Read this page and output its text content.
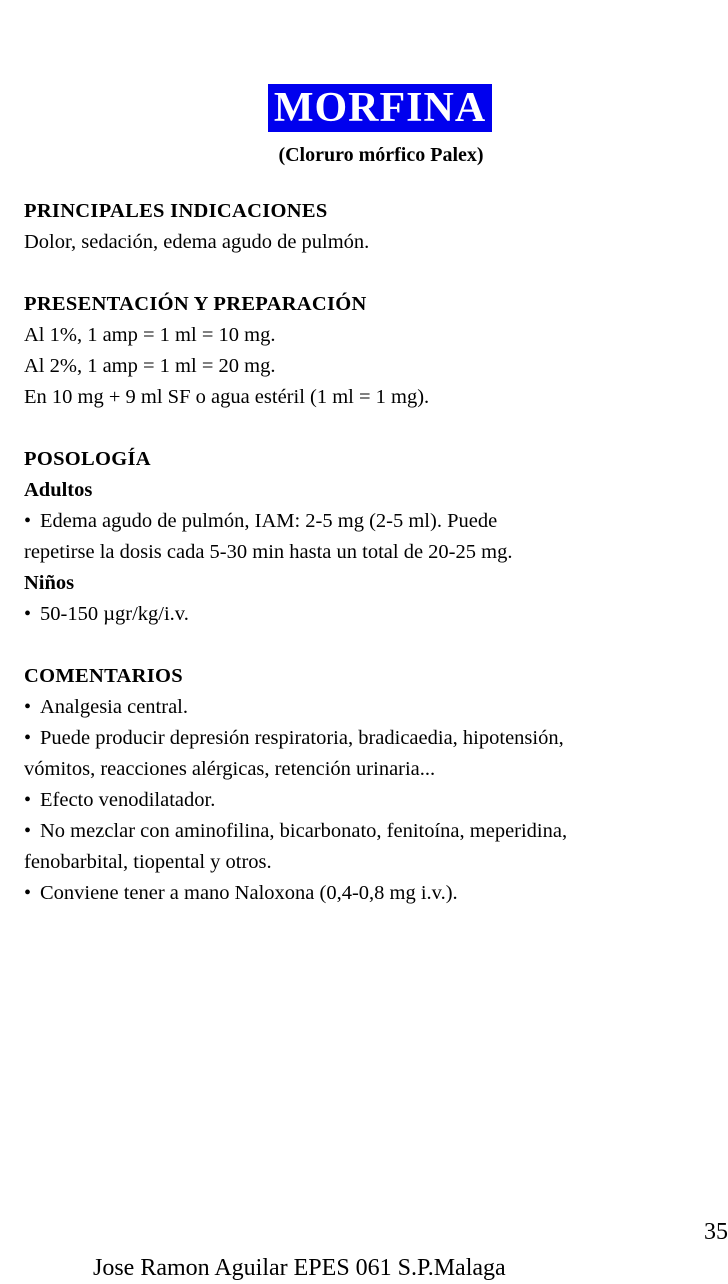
MORFINA
(Cloruro mórfico Palex)
PRINCIPALES INDICACIONES
Dolor, sedación, edema agudo de pulmón.
PRESENTACIÓN Y PREPARACIÓN
Al 1%, 1 amp = 1 ml = 10 mg.
Al 2%, 1 amp = 1 ml = 20 mg.
En 10 mg + 9 ml SF o agua estéril (1 ml = 1 mg).
POSOLOGÍA
Adultos
• Edema agudo de pulmón, IAM: 2-5 mg (2-5 ml). Puede
repetirse la dosis cada 5-30 min hasta un total de 20-25 mg.
Niños
• 50-150 µgr/kg/i.v.
COMENTARIOS
• Analgesia central.
• Puede producir depresión respiratoria, bradicaedia, hipotensión,
vómitos, reacciones alérgicas, retención urinaria...
• Efecto venodilatador.
• No mezclar con aminofilina, bicarbonato, fenitoína, meperidina,
fenobarbital, tiopental y otros.
• Conviene tener a mano Naloxona (0,4-0,8 mg i.v.).
35
Jose Ramon Aguilar EPES 061 S.P.Malaga
